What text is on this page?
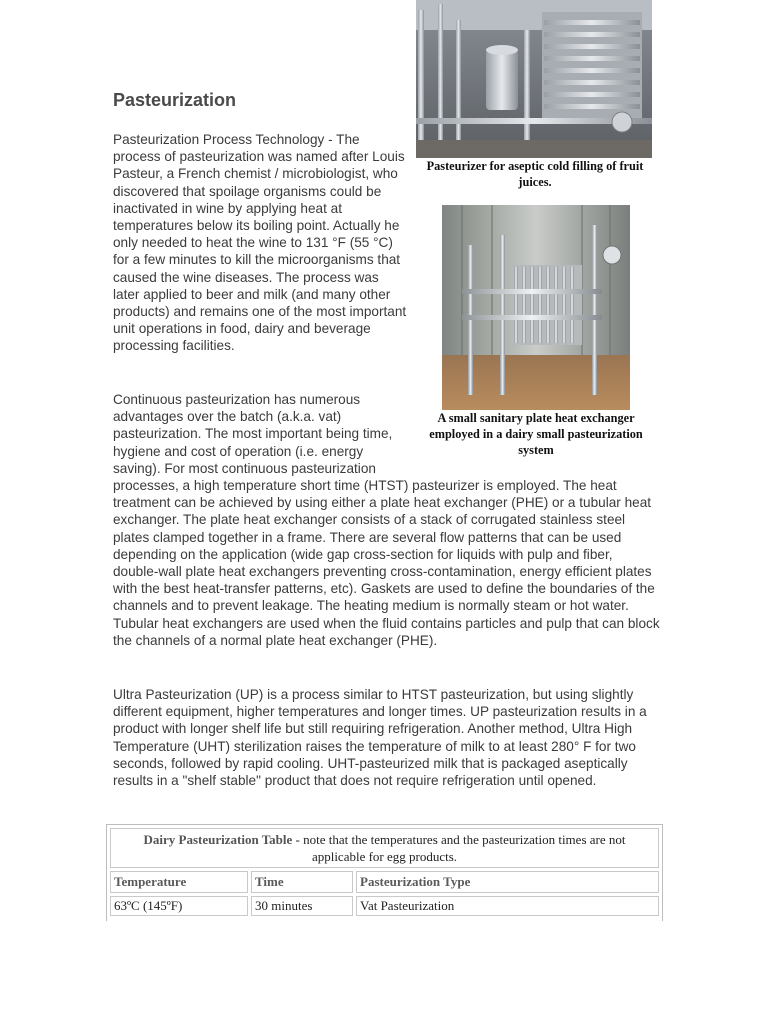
Pasteurization

Pasteurization Process Technology - The process of pasteurization was named after Louis Pasteur, a French chemist / microbiologist, who discovered that spoilage organisms could be inactivated in wine by applying heat at temperatures below its boiling point. Actually he only needed to heat the wine to 131 °F (55 °C) for a few minutes to kill the microorganisms that caused the wine diseases. The process was later applied to beer and milk (and many other products) and remains one of the most important unit operations in food, dairy and beverage processing facilities.

Pasteurizer for aseptic cold filling of fruit juices.

A small sanitary plate heat exchanger employed in a dairy small pasteurization system

Continuous pasteurization has numerous advantages over the batch (a.k.a. vat) pasteurization. The most important being time, hygiene and cost of operation (i.e. energy saving). For most continuous pasteurization processes, a high temperature short time (HTST) pasteurizer is employed. The heat treatment can be achieved by using either a plate heat exchanger (PHE) or a tubular heat exchanger. The plate heat exchanger consists of a stack of corrugated stainless steel plates clamped together in a frame. There are several flow patterns that can be used depending on the application (wide gap cross-section for liquids with pulp and fiber, double-wall plate heat exchangers preventing cross-contamination, energy efficient plates with the best heat-transfer patterns, etc). Gaskets are used to define the boundaries of the channels and to prevent leakage. The heating medium is normally steam or hot water. Tubular heat exchangers are used when the fluid contains particles and pulp that can block the channels of a normal plate heat exchanger (PHE).

Ultra Pasteurization (UP) is a process similar to HTST pasteurization, but using slightly different equipment, higher temperatures and longer times. UP pasteurization results in a product with longer shelf life but still requiring refrigeration. Another method, Ultra High Temperature (UHT) sterilization raises the temperature of milk to at least 280° F for two seconds, followed by rapid cooling. UHT-pasteurized milk that is packaged aseptically results in a "shelf stable" product that does not require refrigeration until opened.

Dairy Pasteurization Table - note that the temperatures and the pasteurization times are not applicable for egg products.		
Temperature	Time	Pasteurization Type
63ºC (145ºF)	30 minutes	Vat Pasteurization
